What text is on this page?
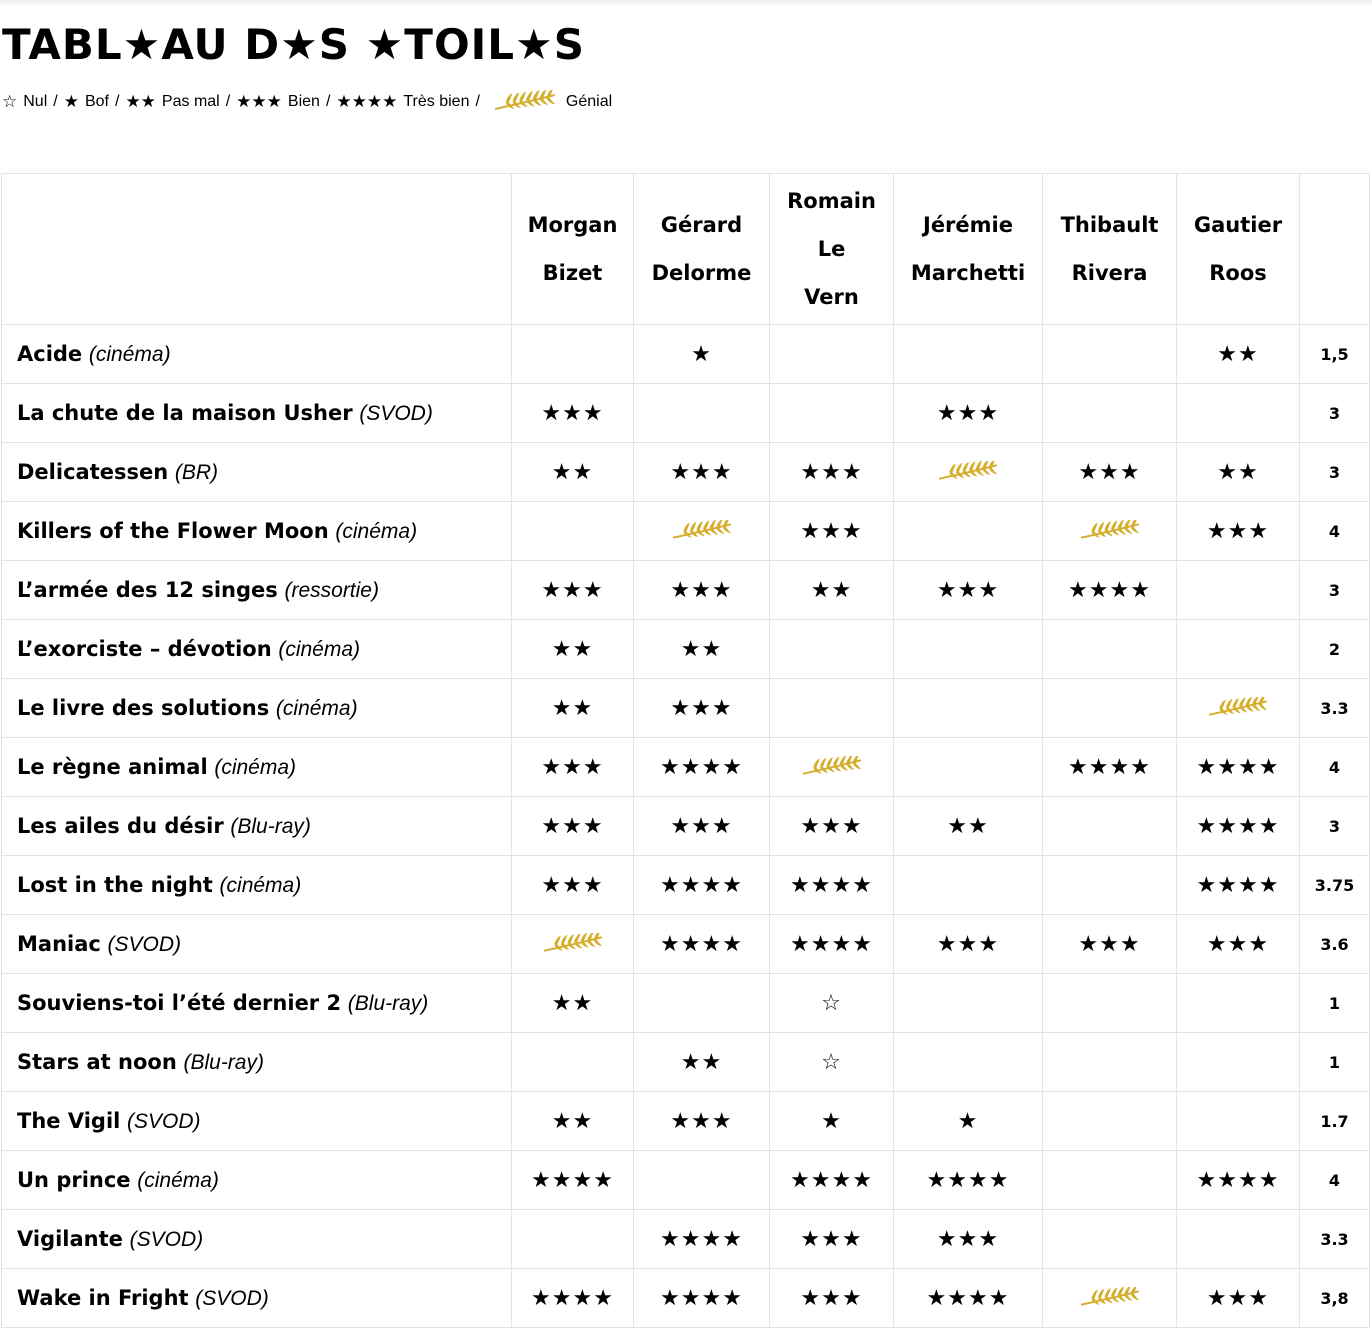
TABL★AU D★S ★TOIL★S
☆ Nul / ★ Bof / ★★ Pas mal / ★★★ Bien / ★★★★ Très bien /	Génial
	Morgan
Bizet	Gérard
Delorme	Romain
Le
Vern	Jérémie
Marchetti	Thibault
Rivera	Gautier
Roos	
Acide (cinéma)		★				★★	1,5
La chute de la maison Usher (SVOD)	★★★			★★★			3
Delicatessen (BR)	★★	★★★	★★★		★★★	★★	3
Killers of the Flower Moon (cinéma)			★★★			★★★	4
L’armée des 12 singes (ressortie)	★★★	★★★	★★	★★★	★★★★		3
L’exorciste – dévotion (cinéma)	★★	★★					2
Le livre des solutions (cinéma)	★★	★★★					3.3
Le règne animal (cinéma)	★★★	★★★★			★★★★	★★★★	4
Les ailes du désir (Blu-ray)	★★★	★★★	★★★	★★		★★★★	3
Lost in the night (cinéma)	★★★	★★★★	★★★★			★★★★	3.75
Maniac (SVOD)		★★★★	★★★★	★★★	★★★	★★★	3.6
Souviens-toi l’été dernier 2 (Blu-ray)	★★		☆				1
Stars at noon (Blu-ray)		★★	☆				1
The Vigil (SVOD)	★★	★★★	★	★			1.7
Un prince (cinéma)	★★★★		★★★★	★★★★		★★★★	4
Vigilante (SVOD)		★★★★	★★★	★★★			3.3
Wake in Fright (SVOD)	★★★★	★★★★	★★★	★★★★		★★★	3,8
